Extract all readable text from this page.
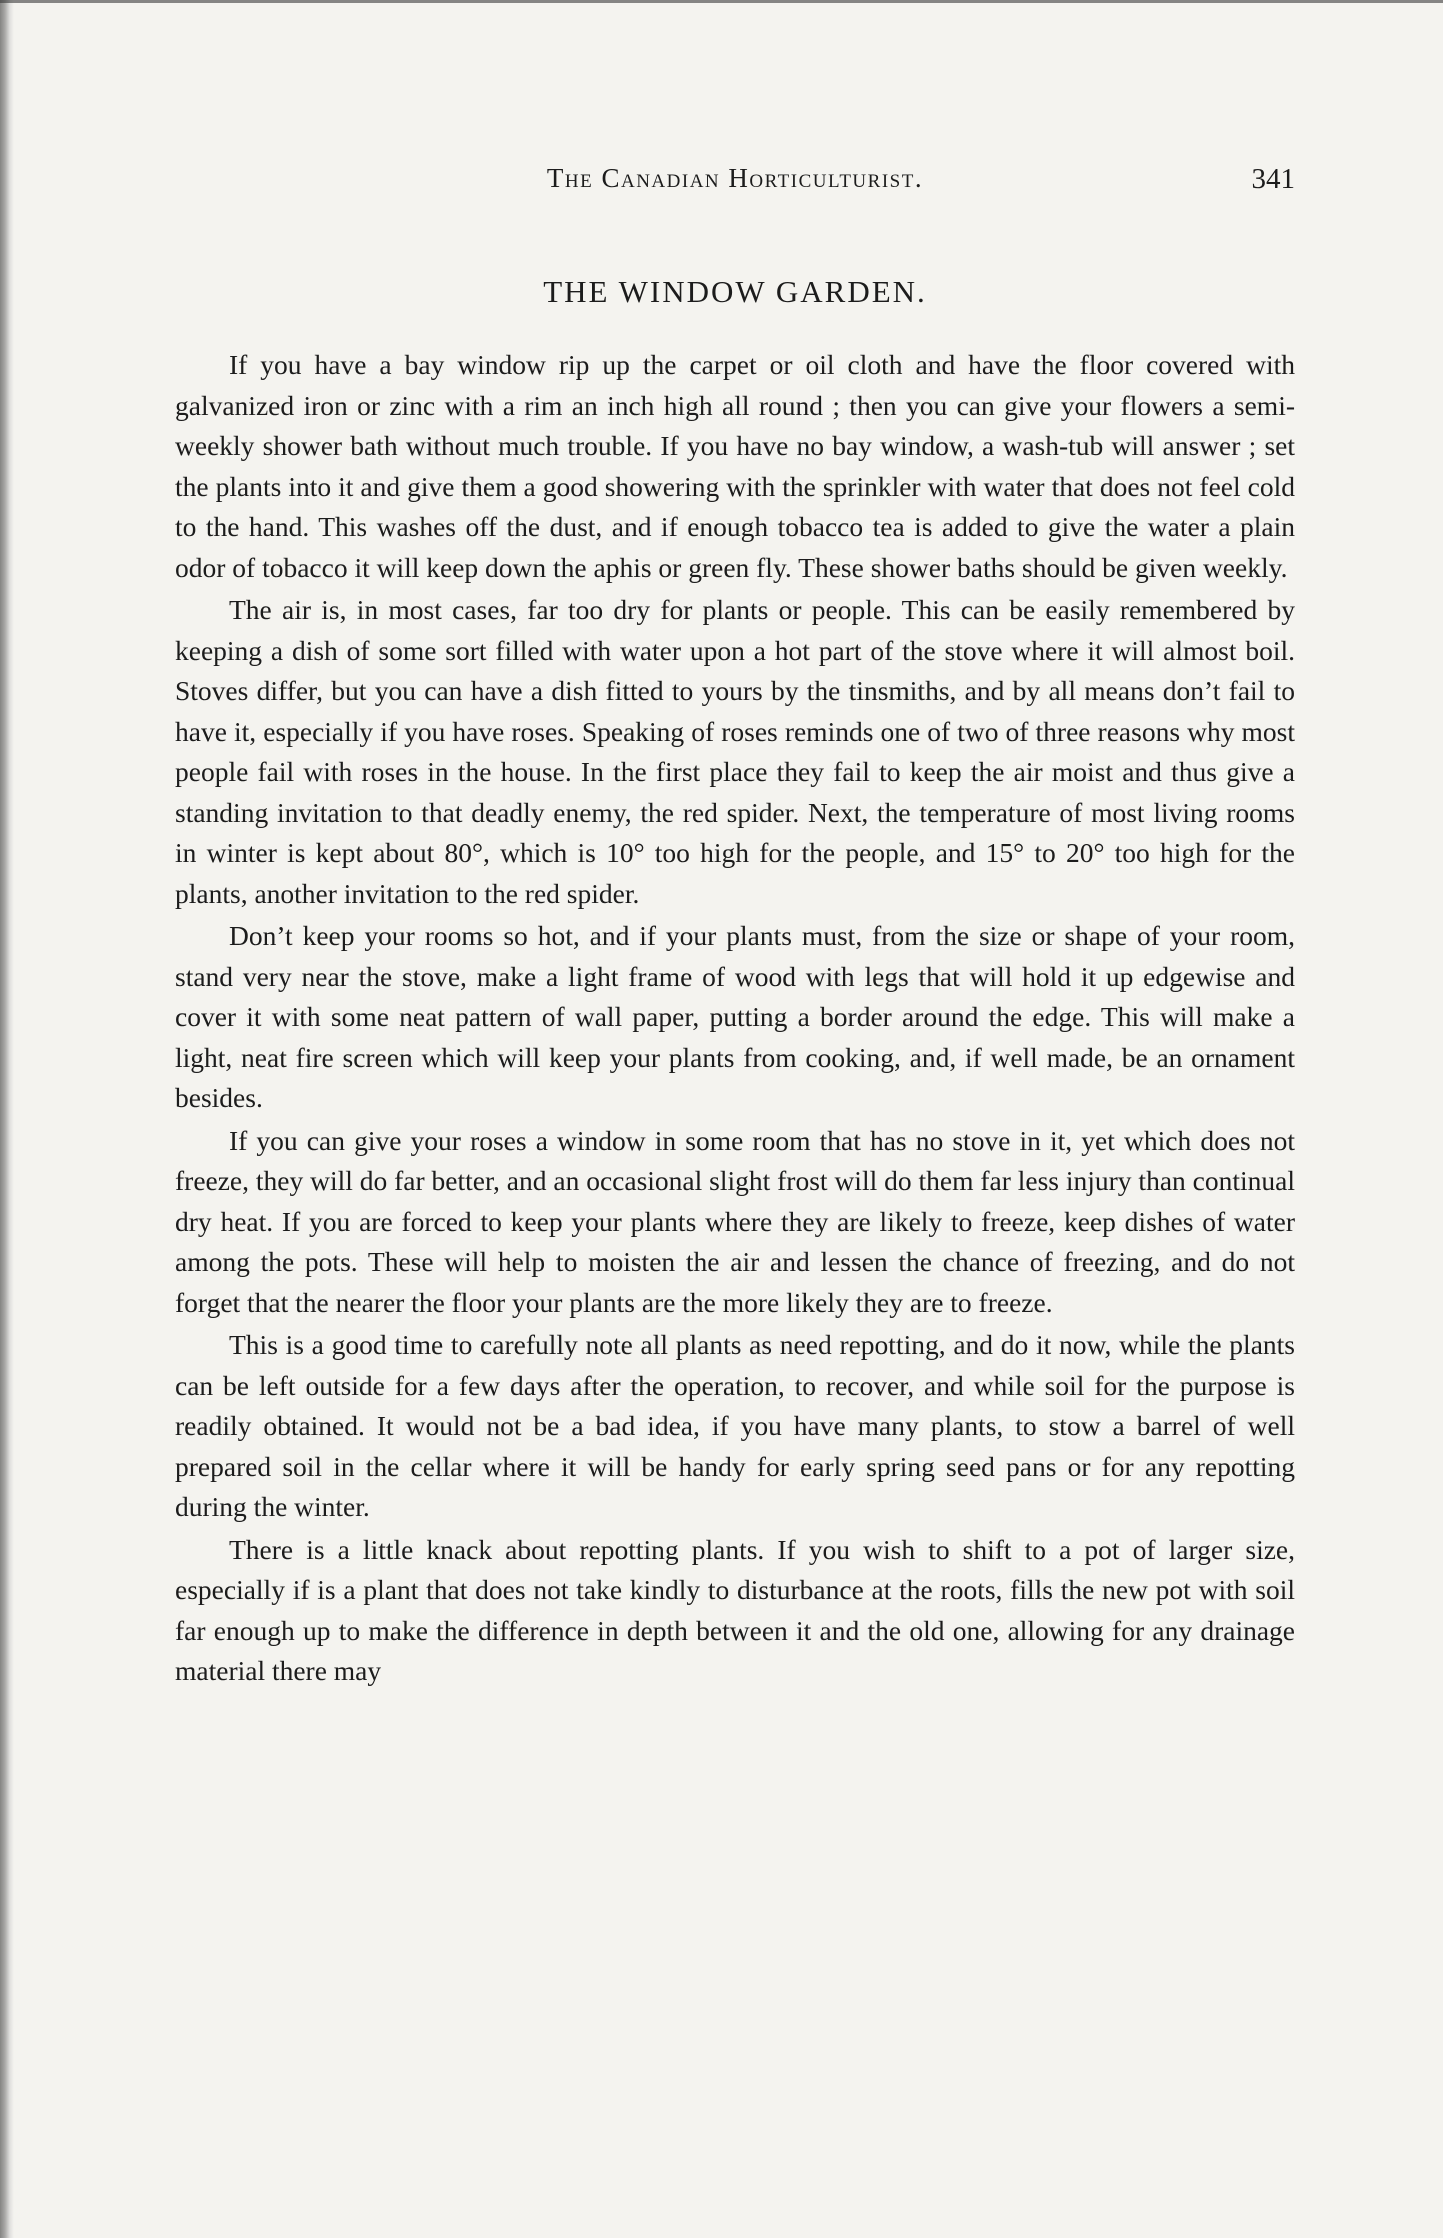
The Canadian Horticulturist.	341
THE WINDOW GARDEN.

If you have a bay window rip up the carpet or oil cloth and have the floor covered with galvanized iron or zinc with a rim an inch high all round ; then you can give your flowers a semi-weekly shower bath without much trouble. If you have no bay window, a wash-tub will answer ; set the plants into it and give them a good showering with the sprinkler with water that does not feel cold to the hand. This washes off the dust, and if enough tobacco tea is added to give the water a plain odor of tobacco it will keep down the aphis or green fly. These shower baths should be given weekly.

The air is, in most cases, far too dry for plants or people. This can be easily remembered by keeping a dish of some sort filled with water upon a hot part of the stove where it will almost boil. Stoves differ, but you can have a dish fitted to yours by the tinsmiths, and by all means don’t fail to have it, especially if you have roses. Speaking of roses reminds one of two of three reasons why most people fail with roses in the house. In the first place they fail to keep the air moist and thus give a standing invitation to that deadly enemy, the red spider. Next, the temperature of most living rooms in winter is kept about 80°, which is 10° too high for the people, and 15° to 20° too high for the plants, another invitation to the red spider.

Don’t keep your rooms so hot, and if your plants must, from the size or shape of your room, stand very near the stove, make a light frame of wood with legs that will hold it up edgewise and cover it with some neat pattern of wall paper, putting a border around the edge. This will make a light, neat fire screen which will keep your plants from cooking, and, if well made, be an ornament besides.

If you can give your roses a window in some room that has no stove in it, yet which does not freeze, they will do far better, and an occasional slight frost will do them far less injury than continual dry heat. If you are forced to keep your plants where they are likely to freeze, keep dishes of water among the pots. These will help to moisten the air and lessen the chance of freezing, and do not forget that the nearer the floor your plants are the more likely they are to freeze.

This is a good time to carefully note all plants as need repotting, and do it now, while the plants can be left outside for a few days after the operation, to recover, and while soil for the purpose is readily obtained. It would not be a bad idea, if you have many plants, to stow a barrel of well prepared soil in the cellar where it will be handy for early spring seed pans or for any repotting during the winter.

There is a little knack about repotting plants. If you wish to shift to a pot of larger size, especially if is a plant that does not take kindly to disturbance at the roots, fills the new pot with soil far enough up to make the difference in depth between it and the old one, allowing for any drainage material there may
